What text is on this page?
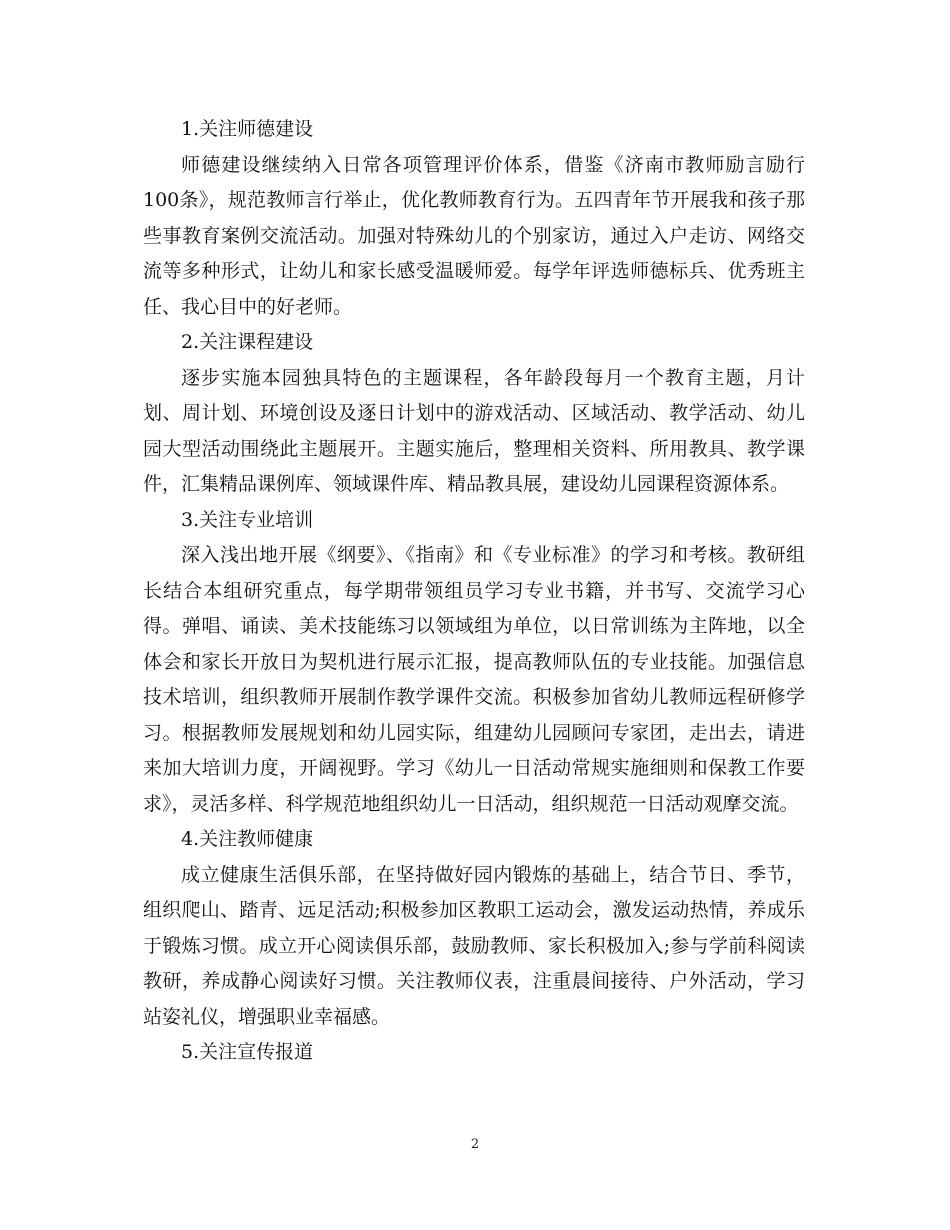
1.关注师德建设

师德建设继续纳入日常各项管理评价体系，借鉴《济南市教师励言励行100条》，规范教师言行举止，优化教师教育行为。五四青年节开展我和孩子那些事教育案例交流活动。加强对特殊幼儿的个别家访，通过入户走访、网络交流等多种形式，让幼儿和家长感受温暖师爱。每学年评选师德标兵、优秀班主任、我心目中的好老师。

2.关注课程建设

逐步实施本园独具特色的主题课程，各年龄段每月一个教育主题，月计划、周计划、环境创设及逐日计划中的游戏活动、区域活动、教学活动、幼儿园大型活动围绕此主题展开。主题实施后，整理相关资料、所用教具、教学课件，汇集精品课例库、领域课件库、精品教具展，建设幼儿园课程资源体系。

3.关注专业培训

深入浅出地开展《纲要》、《指南》和《专业标准》的学习和考核。教研组长结合本组研究重点，每学期带领组员学习专业书籍，并书写、交流学习心得。弹唱、诵读、美术技能练习以领域组为单位，以日常训练为主阵地，以全体会和家长开放日为契机进行展示汇报，提高教师队伍的专业技能。加强信息技术培训，组织教师开展制作教学课件交流。积极参加省幼儿教师远程研修学习。根据教师发展规划和幼儿园实际，组建幼儿园顾问专家团，走出去，请进来加大培训力度，开阔视野。学习《幼儿一日活动常规实施细则和保教工作要求》，灵活多样、科学规范地组织幼儿一日活动，组织规范一日活动观摩交流。

4.关注教师健康

成立健康生活俱乐部，在坚持做好园内锻炼的基础上，结合节日、季节，组织爬山、踏青、远足活动;积极参加区教职工运动会，激发运动热情，养成乐于锻炼习惯。成立开心阅读俱乐部，鼓励教师、家长积极加入;参与学前科阅读教研，养成静心阅读好习惯。关注教师仪表，注重晨间接待、户外活动，学习站姿礼仪，增强职业幸福感。

5.关注宣传报道

2
